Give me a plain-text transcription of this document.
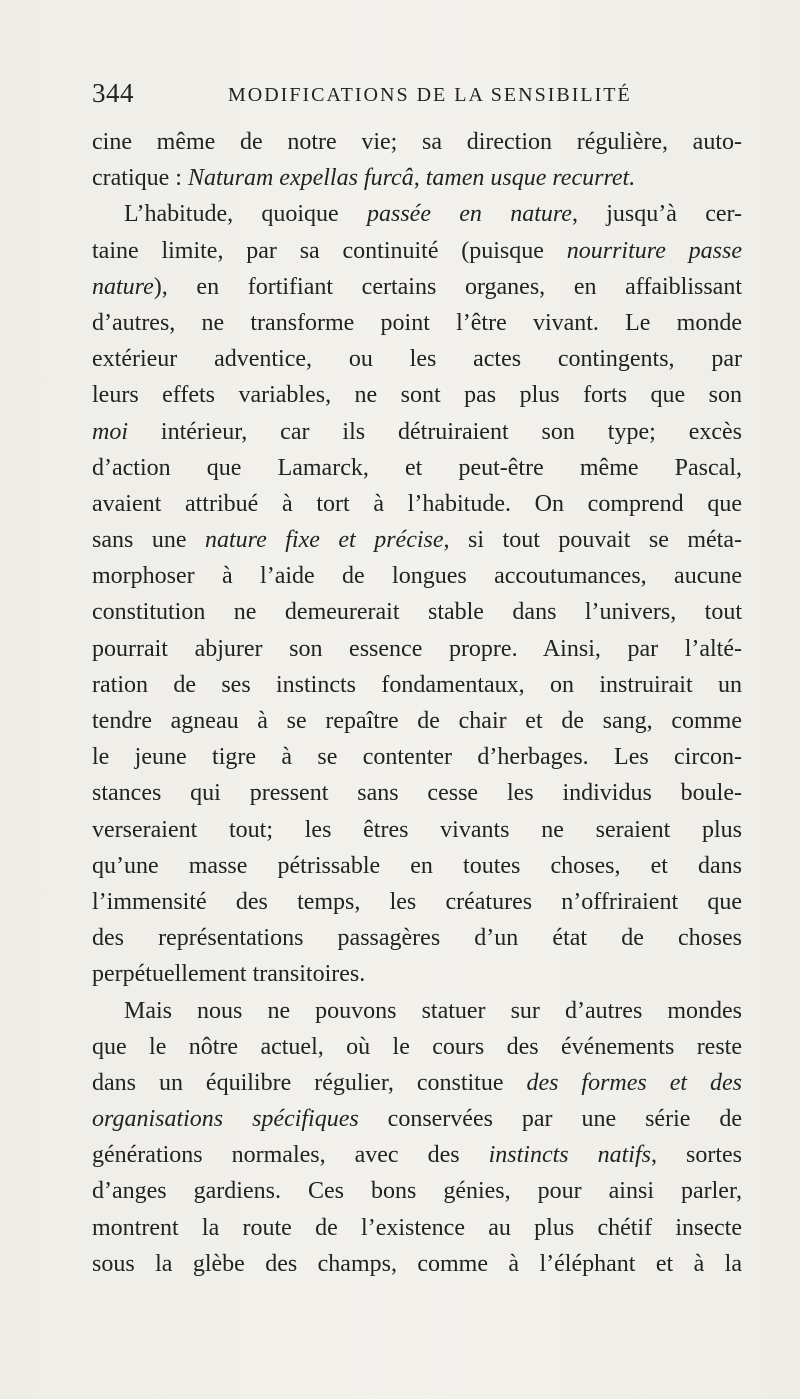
344	MODIFICATIONS DE LA SENSIBILITÉ
cine même de notre vie; sa direction régulière, auto-
cratique : Naturam expellas furcâ, tamen usque recurret.
L’habitude, quoique passée en nature, jusqu’à cer-
taine limite, par sa continuité (puisque nourriture passe
nature), en fortifiant certains organes, en affaiblissant
d’autres, ne transforme point l’être vivant. Le monde
extérieur adventice, ou les actes contingents, par
leurs effets variables, ne sont pas plus forts que son
moi intérieur, car ils détruiraient son type; excès
d’action que Lamarck, et peut-être même Pascal,
avaient attribué à tort à l’habitude. On comprend que
sans une nature fixe et précise, si tout pouvait se méta-
morphoser à l’aide de longues accoutumances, aucune
constitution ne demeurerait stable dans l’univers, tout
pourrait abjurer son essence propre. Ainsi, par l’alté-
ration de ses instincts fondamentaux, on instruirait un
tendre agneau à se repaître de chair et de sang, comme
le jeune tigre à se contenter d’herbages. Les circon-
stances qui pressent sans cesse les individus boule-
verseraient tout; les êtres vivants ne seraient plus
qu’une masse pétrissable en toutes choses, et dans
l’immensité des temps, les créatures n’offriraient que
des représentations passagères d’un état de choses
perpétuellement transitoires.
Mais nous ne pouvons statuer sur d’autres mondes
que le nôtre actuel, où le cours des événements reste
dans un équilibre régulier, constitue des formes et des
organisations spécifiques conservées par une série de
générations normales, avec des instincts natifs, sortes
d’anges gardiens. Ces bons génies, pour ainsi parler,
montrent la route de l’existence au plus chétif insecte
sous la glèbe des champs, comme à l’éléphant et à la
